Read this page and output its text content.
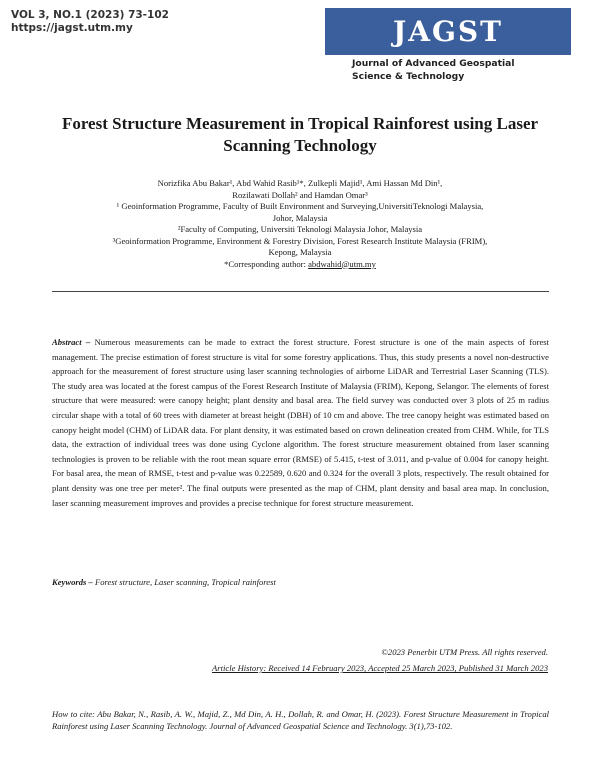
VOL 3, NO.1 (2023) 73-102
https://jagst.utm.my	JAGST
Journal of Advanced Geospatial
Science & Technology
Forest Structure Measurement in Tropical Rainforest using Laser Scanning Technology
Norizfika Abu Bakar¹, Abd Wahid Rasib¹*, Zulkepli Majid¹, Ami Hassan Md Din¹,
Rozilawati Dollah² and Hamdan Omar³
¹ Geoinformation Programme, Faculty of Built Environment and Surveying,UniversitiTeknologi Malaysia,
Johor, Malaysia
²Faculty of Computing, Universiti Teknologi Malaysia Johor, Malaysia
³Geoinformation Programme, Environment & Forestry Division, Forest Research Institute Malaysia (FRIM),
Kepong, Malaysia
*Corresponding author: abdwahid@utm.my
Abstract – Numerous measurements can be made to extract the forest structure. Forest structure is one of the main aspects of forest management. The precise estimation of forest structure is vital for some forestry applications. Thus, this study presents a novel non-destructive approach for the measurement of forest structure using laser scanning technologies of airborne LiDAR and Terrestrial Laser Scanning (TLS). The study area was located at the forest campus of the Forest Research Institute of Malaysia (FRIM), Kepong, Selangor. The elements of forest structure that were measured: were canopy height; plant density and basal area. The field survey was conducted over 3 plots of 25 m radius circular shape with a total of 60 trees with diameter at breast height (DBH) of 10 cm and above. The tree canopy height was estimated based on canopy height model (CHM) of LiDAR data. For plant density, it was estimated based on crown delineation created from CHM. While, for TLS data, the extraction of individual trees was done using Cyclone algorithm. The forest structure measurement obtained from laser scanning technologies is proven to be reliable with the root mean square error (RMSE) of 5.415, t-test of 3.011, and p-value of 0.004 for canopy height. For basal area, the mean of RMSE, t-test and p-value was 0.22589, 0.620 and 0.324 for the overall 3 plots, respectively. The result obtained for plant density was one tree per meter². The final outputs were presented as the map of CHM, plant density and basal area map. In conclusion, laser scanning measurement improves and provides a precise technique for forest structure measurement.
Keywords – Forest structure, Laser scanning, Tropical rainforest
©2023 Penerbit UTM Press. All rights reserved.
Article History: Received 14 February 2023, Accepted 25 March 2023, Published 31 March 2023
How to cite: Abu Bakar, N., Rasib, A. W., Majid, Z., Md Din, A. H., Dollah, R. and Omar, H. (2023). Forest Structure Measurement in Tropical Rainforest using Laser Scanning Technology. Journal of Advanced Geospatial Science and Technology. 3(1),73-102.
